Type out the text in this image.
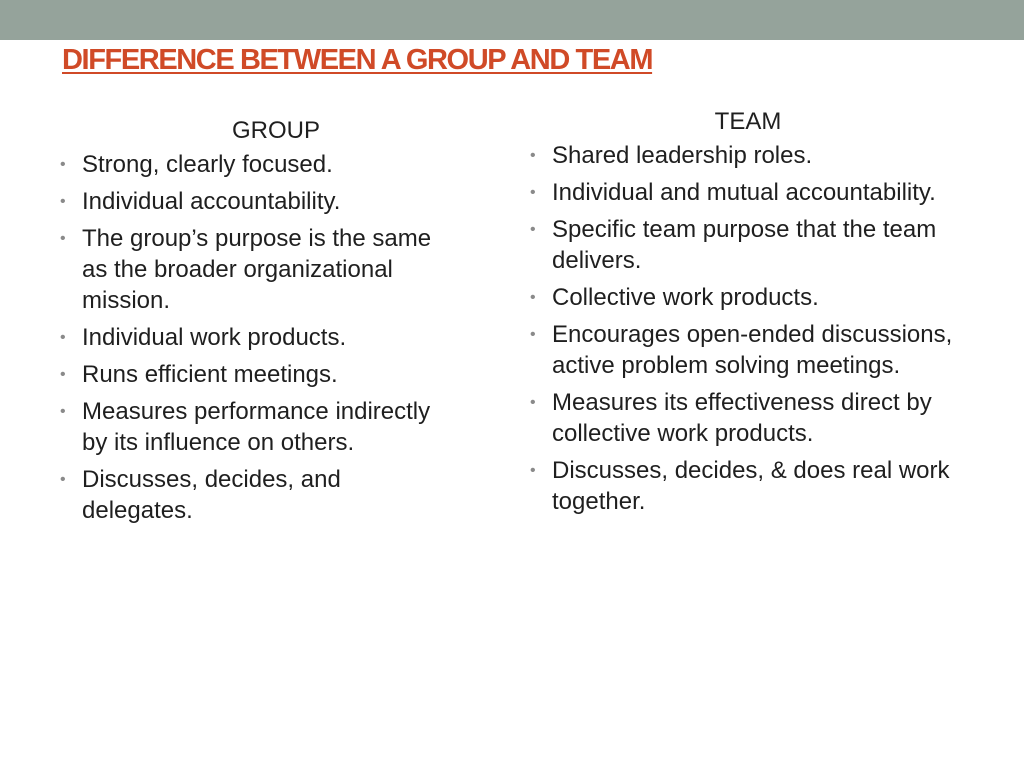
DIFFERENCE BETWEEN A GROUP AND TEAM
GROUP
• Strong, clearly focused.
• Individual accountability.
• The group’s purpose is the same as the broader organizational mission.
• Individual work products.
• Runs efficient meetings.
• Measures performance indirectly by its influence on others.
• Discusses, decides, and delegates.
TEAM
• Shared leadership roles.
• Individual and mutual accountability.
• Specific team purpose that the team delivers.
• Collective work products.
• Encourages open-ended discussions, active problem solving meetings.
• Measures its effectiveness direct by collective work products.
• Discusses, decides, & does real work together.
